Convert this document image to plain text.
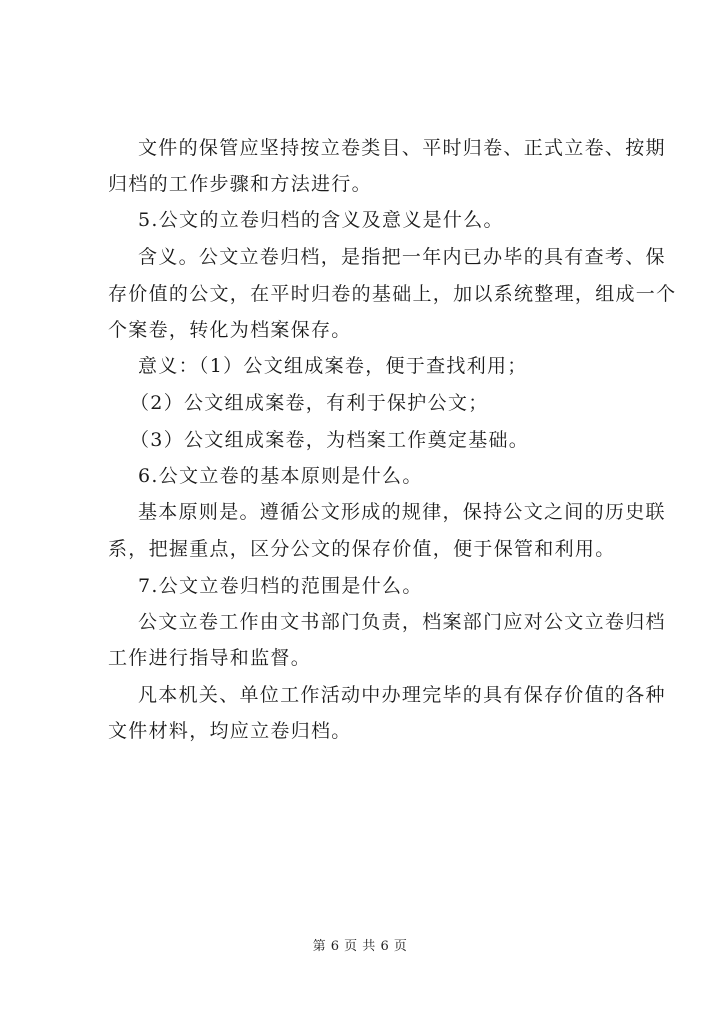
文件的保管应坚持按立卷类目、平时归卷、正式立卷、按期

归档的工作步骤和方法进行。

5.公文的立卷归档的含义及意义是什么。

含义。公文立卷归档，是指把一年内已办毕的具有查考、保

存价值的公文，在平时归卷的基础上，加以系统整理，组成一个

个案卷，转化为档案保存。

意义：（1）公文组成案卷，便于查找利用；

（2）公文组成案卷，有利于保护公文；

（3）公文组成案卷，为档案工作奠定基础。

6.公文立卷的基本原则是什么。

基本原则是。遵循公文形成的规律，保持公文之间的历史联

系，把握重点，区分公文的保存价值，便于保管和利用。

7.公文立卷归档的范围是什么。

公文立卷工作由文书部门负责，档案部门应对公文立卷归档

工作进行指导和监督。

凡本机关、单位工作活动中办理完毕的具有保存价值的各种

文件材料，均应立卷归档。

第 6 页 共 6 页
